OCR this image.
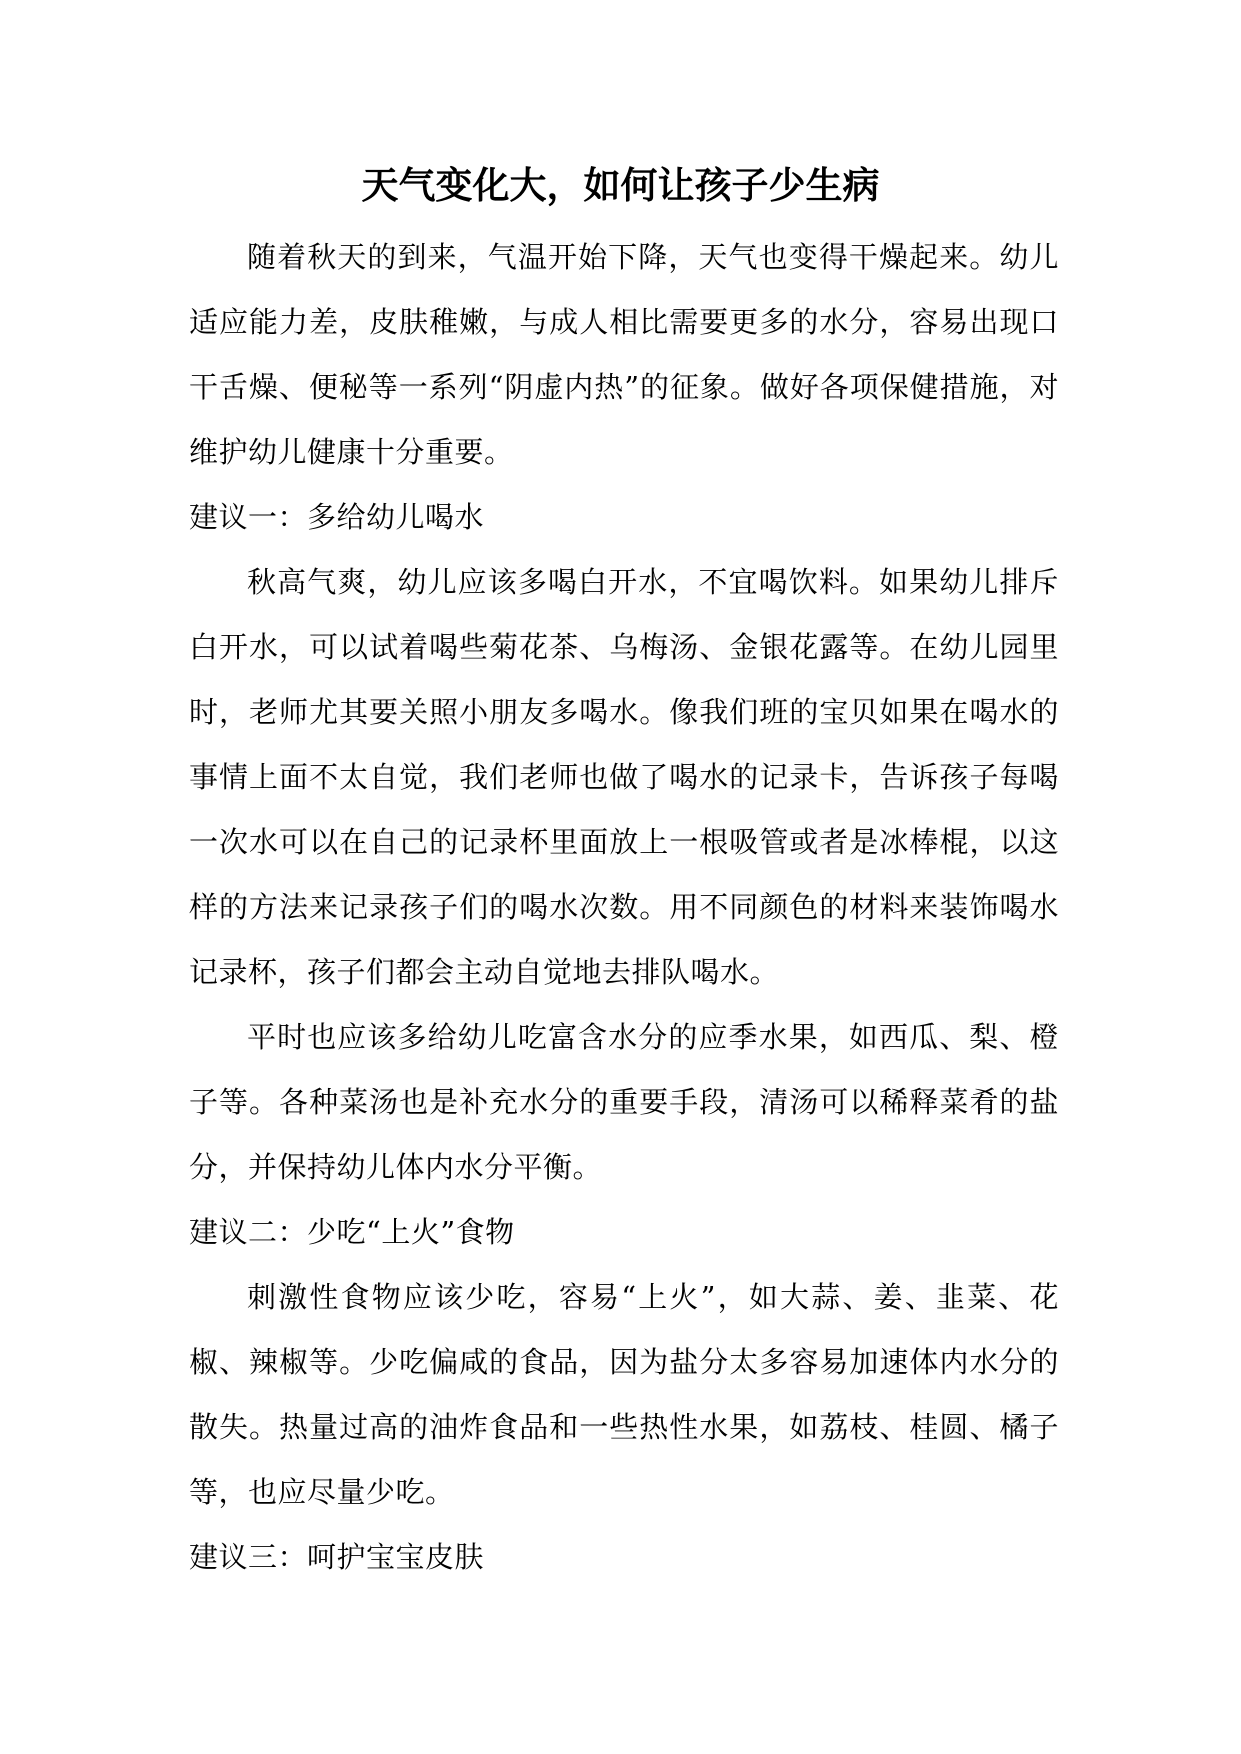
天气变化大，如何让孩子少生病

随着秋天的到来，气温开始下降，天气也变得干燥起来。幼儿适应能力差，皮肤稚嫩，与成人相比需要更多的水分，容易出现口干舌燥、便秘等一系列“阴虚内热”的征象。做好各项保健措施，对维护幼儿健康十分重要。

建议一：多给幼儿喝水

秋高气爽，幼儿应该多喝白开水，不宜喝饮料。如果幼儿排斥白开水，可以试着喝些菊花茶、乌梅汤、金银花露等。在幼儿园里时，老师尤其要关照小朋友多喝水。像我们班的宝贝如果在喝水的事情上面不太自觉，我们老师也做了喝水的记录卡，告诉孩子每喝一次水可以在自己的记录杯里面放上一根吸管或者是冰棒棍，以这样的方法来记录孩子们的喝水次数。用不同颜色的材料来装饰喝水记录杯，孩子们都会主动自觉地去排队喝水。

平时也应该多给幼儿吃富含水分的应季水果，如西瓜、梨、橙子等。各种菜汤也是补充水分的重要手段，清汤可以稀释菜肴的盐分，并保持幼儿体内水分平衡。

建议二：少吃“上火”食物

刺激性食物应该少吃，容易“上火”，如大蒜、姜、韭菜、花椒、辣椒等。少吃偏咸的食品，因为盐分太多容易加速体内水分的散失。热量过高的油炸食品和一些热性水果，如荔枝、桂圆、橘子等，也应尽量少吃。

建议三：呵护宝宝皮肤
